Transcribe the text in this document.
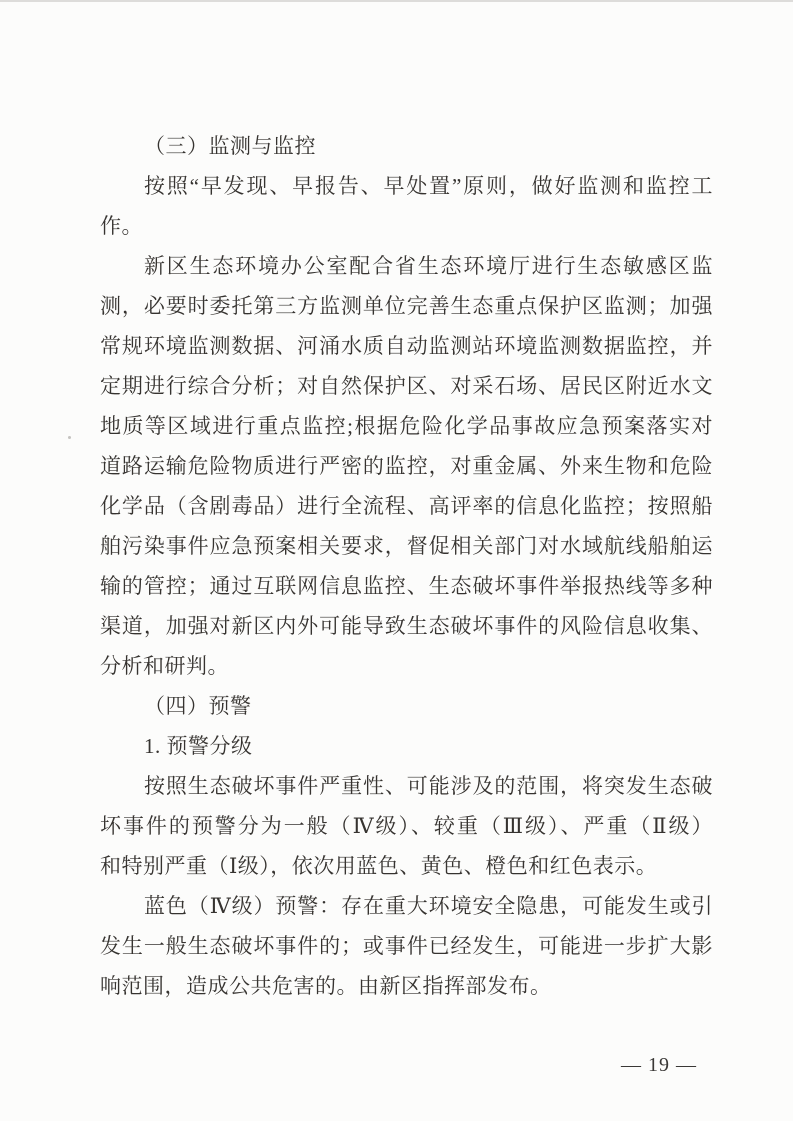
（三）监测与监控
按照“早发现、早报告、早处置”原则，做好监测和监控工
作。
新区生态环境办公室配合省生态环境厅进行生态敏感区监
测，必要时委托第三方监测单位完善生态重点保护区监测；加强
常规环境监测数据、河涌水质自动监测站环境监测数据监控，并
定期进行综合分析；对自然保护区、对采石场、居民区附近水文
地质等区域进行重点监控;根据危险化学品事故应急预案落实对
道路运输危险物质进行严密的监控，对重金属、外来生物和危险
化学品（含剧毒品）进行全流程、高评率的信息化监控；按照船
舶污染事件应急预案相关要求，督促相关部门对水域航线船舶运
输的管控；通过互联网信息监控、生态破坏事件举报热线等多种
渠道，加强对新区内外可能导致生态破坏事件的风险信息收集、
分析和研判。
（四）预警
1. 预警分级
按照生态破坏事件严重性、可能涉及的范围，将突发生态破
坏事件的预警分为一般（Ⅳ级）、较重（Ⅲ级）、严重（Ⅱ级）
和特别严重（Ⅰ级），依次用蓝色、黄色、橙色和红色表示。
蓝色（Ⅳ级）预警：存在重大环境安全隐患，可能发生或引
发生一般生态破坏事件的；或事件已经发生，可能进一步扩大影
响范围，造成公共危害的。由新区指挥部发布。
— 19 —
